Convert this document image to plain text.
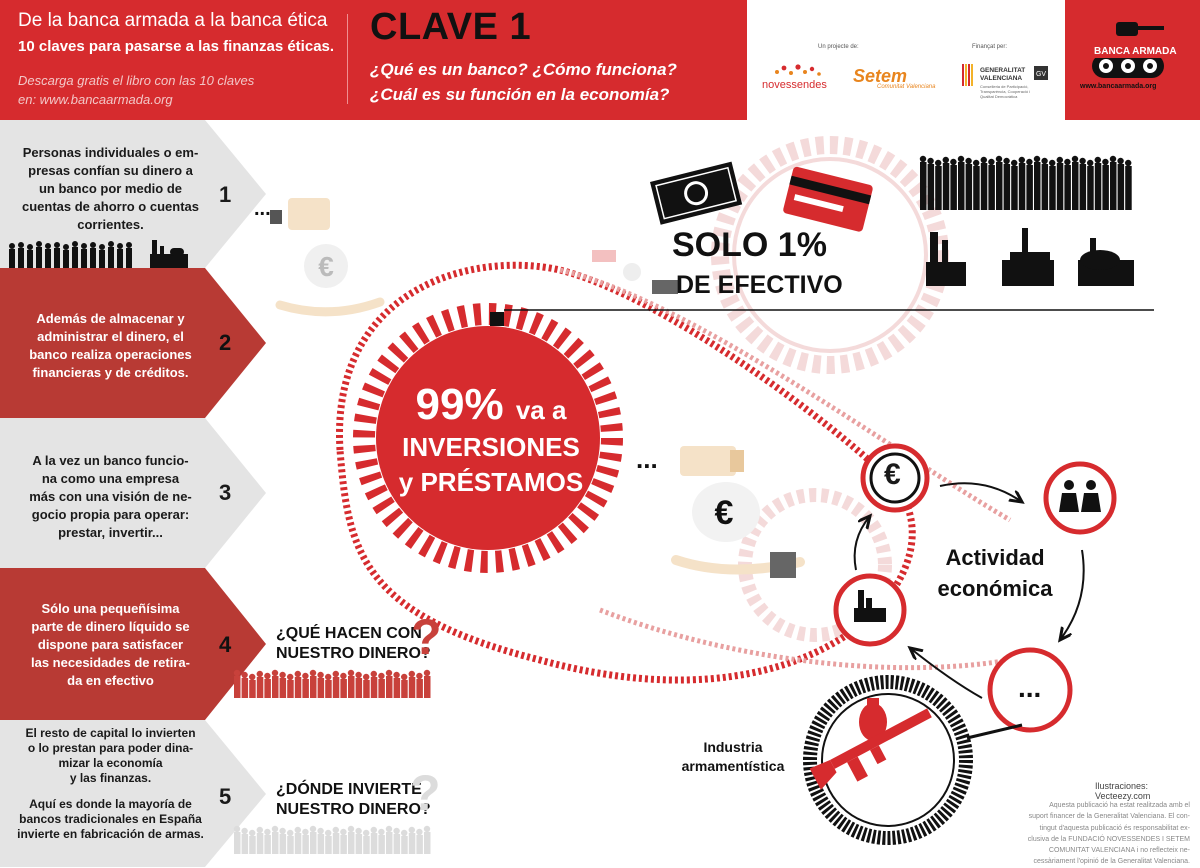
De la banca armada a la banca ética
10 claves para pasarse a las finanzas éticas.
Descarga gratis el libro con las 10 claves
en: www.bancaarmada.org
CLAVE 1
¿Qué es un banco? ¿Cómo funciona?
¿Cuál es su función en la economía?
Un projecte de:	Finançat per:
novessendes Setem
Comunitat Valenciana
GENERALITAT
VALENCIANA
Conselleria de Participació, Transparència, Cooperació i Qualitat Democràtica
GV
BANCA ARMADA
www.bancaarmada.org
Personas individuales o em-
presas confían su dinero a
un banco por medio de
cuentas de ahorro o cuentas
corrientes.
1
Además de almacenar y
administrar el dinero, el
banco realiza operaciones
financieras y de créditos.
2
A la vez un banco funcio-
na como una empresa
más con una visión de ne-
gocio propia para operar:
prestar, invertir...
3
Sólo una pequeñísima
parte de dinero líquido se
dispone para satisfacer
las necesidades de retira-
da en efectivo
4
El resto de capital lo invierten
o lo prestan para poder dina-
mizar la economía
y las finanzas.
Aquí es donde la mayoría de
bancos tradicionales en España
invierte en fabricación de armas.
5
€
€
SOLO 1%
DE EFECTIVO
99% va a
INVERSIONES
y PRÉSTAMOS
...
...
...
€
Actividad
económica
Industria
armamentística
¿QUÉ HACEN CON
NUESTRO DINERO?
?
¿DÓNDE INVIERTE
NUESTRO DINERO?
?	Ilustraciones: Vecteezy.com
Aquesta publicació ha estat realitzada amb el
suport financer de la Generalitat Valenciana. El con-
tingut d'aquesta publicació és responsabilitat ex-
clusiva de la FUNDACIÓ NOVESSENDES I SETEM
COMUNITAT VALENCIANA i no reflecteix ne-
cessàriament l'opinió de la Generalitat Valenciana.
